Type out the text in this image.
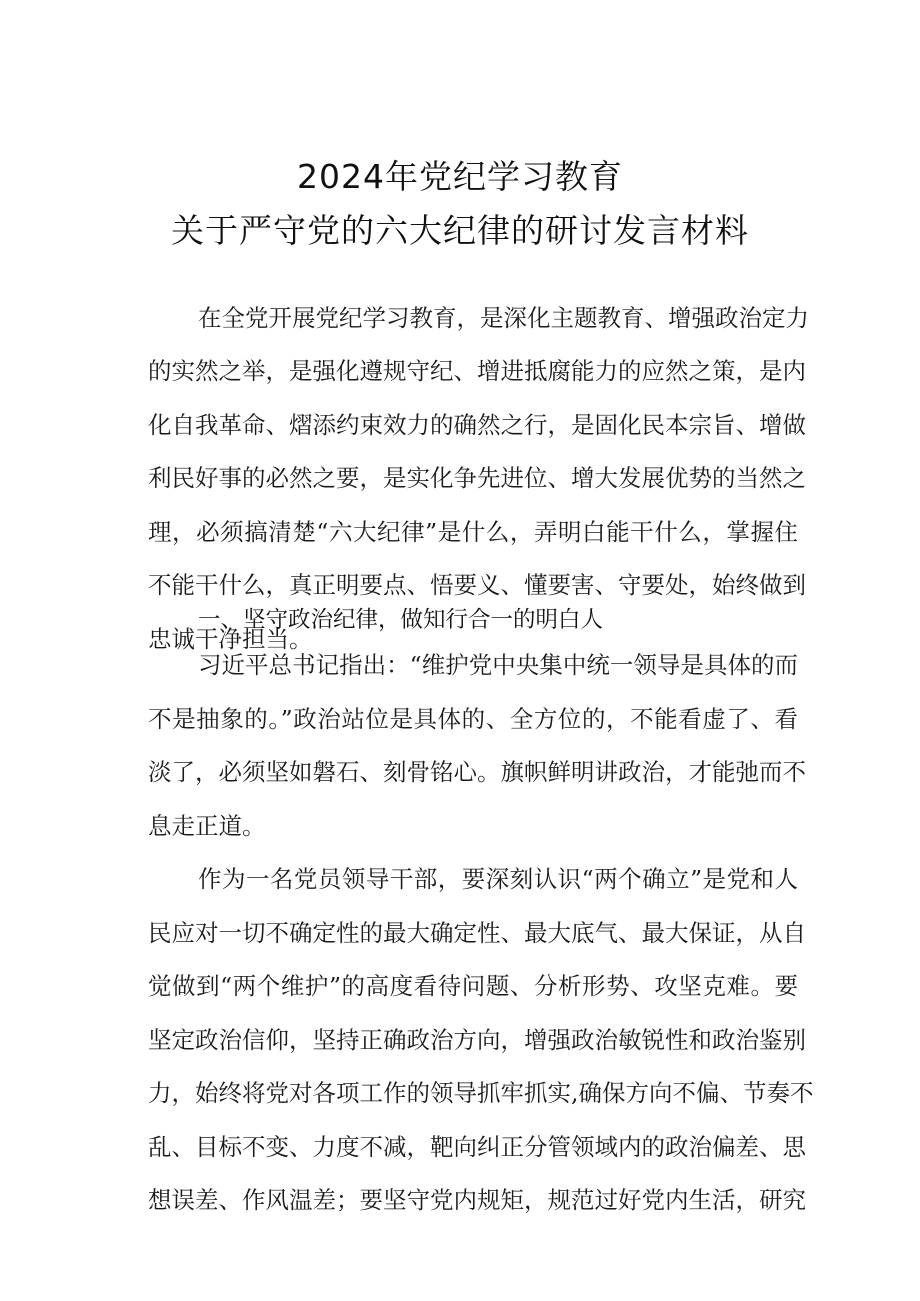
2024年党纪学习教育
关于严守党的六大纪律的研讨发言材料
在全党开展党纪学习教育，是深化主题教育、增强政治定力
的实然之举，是强化遵规守纪、增进抵腐能力的应然之策，是内
化自我革命、熠添约束效力的确然之行，是固化民本宗旨、增做
利民好事的必然之要，是实化争先进位、增大发展优势的当然之
理，必须搞清楚“六大纪律”是什么，弄明白能干什么，掌握住
不能干什么，真正明要点、悟要义、懂要害、守要处，始终做到
忠诚干净担当。
一、坚守政治纪律，做知行合一的明白人
习近平总书记指出：“维护党中央集中统一领导是具体的而
不是抽象的。”政治站位是具体的、全方位的，不能看虚了、看
淡了，必须坚如磐石、刻骨铭心。旗帜鲜明讲政治，才能弛而不
息走正道。
作为一名党员领导干部，要深刻认识“两个确立”是党和人
民应对一切不确定性的最大确定性、最大底气、最大保证，从自
觉做到“两个维护”的高度看待问题、分析形势、攻坚克难。要
坚定政治信仰，坚持正确政治方向，增强政治敏锐性和政治鉴别
力，始终将党对各项工作的领导抓牢抓实,确保方向不偏、节奏不
乱、目标不变、力度不减，靶向纠正分管领域内的政治偏差、思
想误差、作风温差；要坚守党内规矩，规范过好党内生活，研究
